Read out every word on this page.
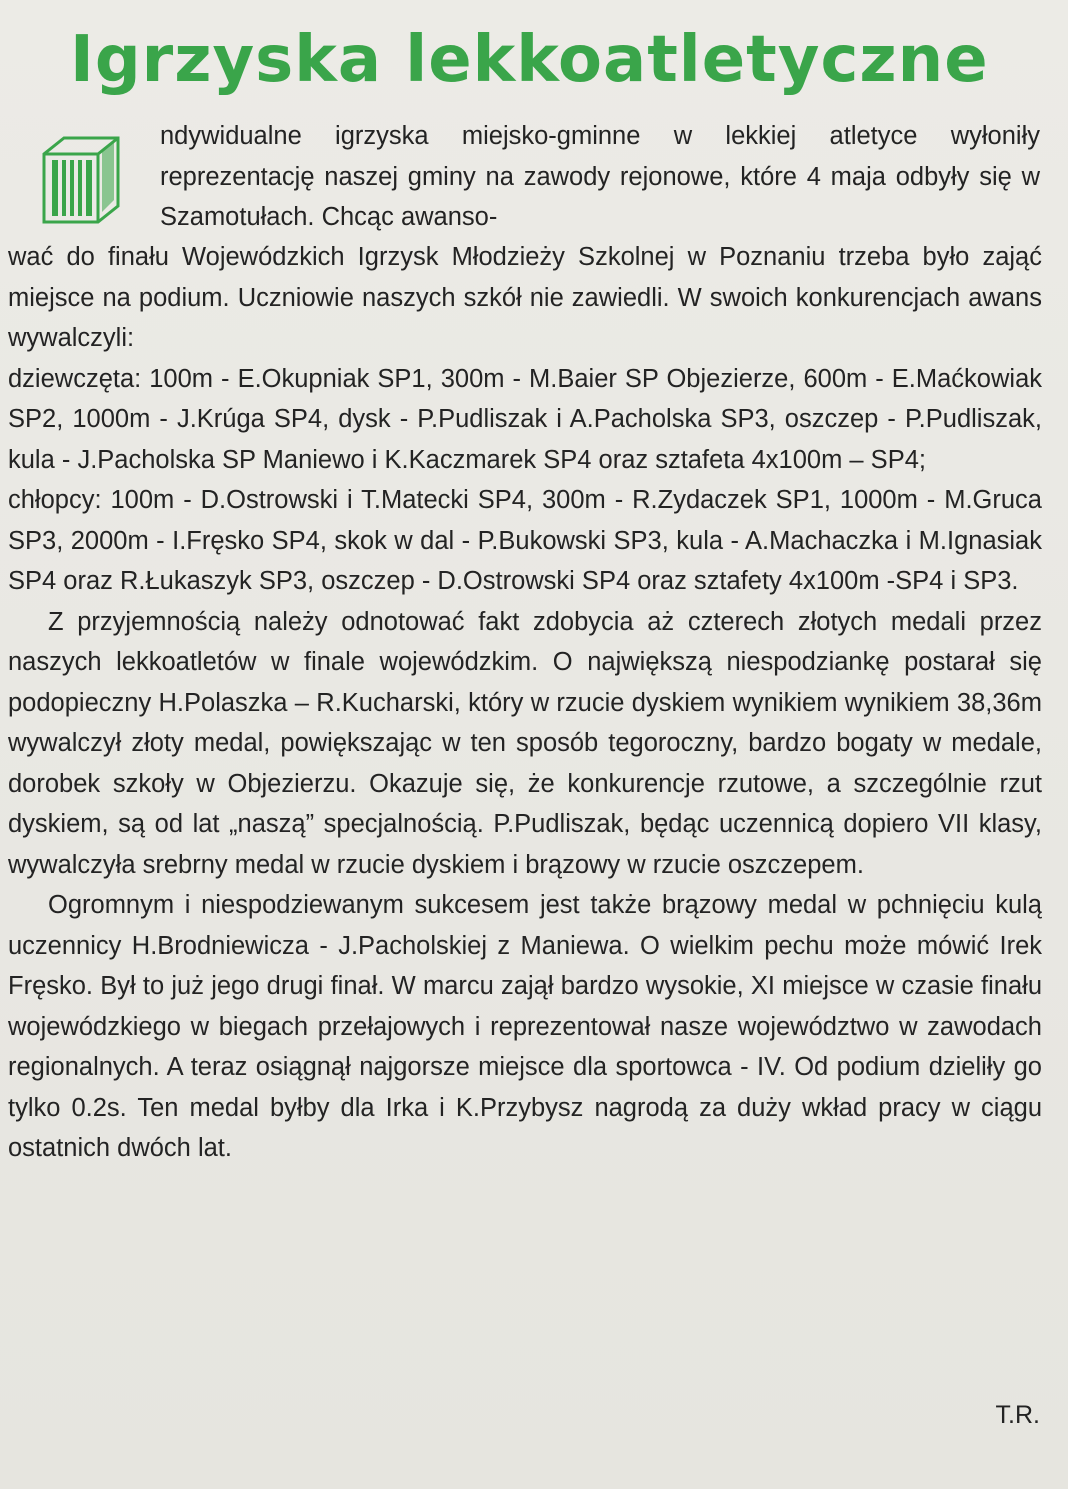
Igrzyska lekkoatletyczne
ndywidualne igrzyska miejsko-gminne w lekkiej atletyce wyłoniły reprezentację naszej gminy na zawody rejonowe, które 4 maja odbyły się w Szamotułach. Chcąc awanso-

wać do finału Wojewódzkich Igrzysk Młodzieży Szkolnej w Poznaniu trzeba było zająć miejsce na podium. Uczniowie naszych szkół nie zawiedli. W swoich konkurencjach awans wywalczyli:

dziewczęta: 100m - E.Okupniak SP1, 300m - M.Baier SP Objezierze, 600m - E.Maćkowiak SP2, 1000m - J.Krúga SP4, dysk - P.Pudliszak i A.Pacholska SP3, oszczep - P.Pudliszak, kula - J.Pacholska SP Maniewo i K.Kaczmarek SP4 oraz sztafeta 4x100m – SP4;

chłopcy: 100m - D.Ostrowski i T.Matecki SP4, 300m - R.Zydaczek SP1, 1000m - M.Gruca SP3, 2000m - I.Fręsko SP4, skok w dal - P.Bukowski SP3, kula - A.Machaczka i M.Ignasiak SP4 oraz R.Łukaszyk SP3, oszczep - D.Ostrowski SP4 oraz sztafety 4x100m -SP4 i SP3.

Z przyjemnością należy odnotować fakt zdobycia aż czterech złotych medali przez naszych lekkoatletów w finale wojewódzkim. O największą niespodziankę postarał się podopieczny H.Polaszka – R.Kucharski, który w rzucie dyskiem wynikiem wynikiem 38,36m wywalczył złoty medal, powiększając w ten sposób tegoroczny, bardzo bogaty w medale, dorobek szkoły w Objezierzu. Okazuje się, że konkurencje rzutowe, a szczególnie rzut dyskiem, są od lat „naszą” specjalnością. P.Pudliszak, będąc uczennicą dopiero VII klasy, wywalczyła srebrny medal w rzucie dyskiem i brązowy w rzucie oszczepem.

Ogromnym i niespodziewanym sukcesem jest także brązowy medal w pchnięciu kulą uczennicy H.Brodniewicza - J.Pacholskiej z Maniewa. O wielkim pechu może mówić Irek Fręsko. Był to już jego drugi finał. W marcu zajął bardzo wysokie, XI miejsce w czasie finału wojewódzkiego w biegach przełajowych i reprezentował nasze województwo w zawodach regionalnych. A teraz osiągnął najgorsze miejsce dla sportowca - IV. Od podium dzieliły go tylko 0.2s. Ten medal byłby dla Irka i K.Przybysz nagrodą za duży wkład pracy w ciągu ostatnich dwóch lat.

T.R.
